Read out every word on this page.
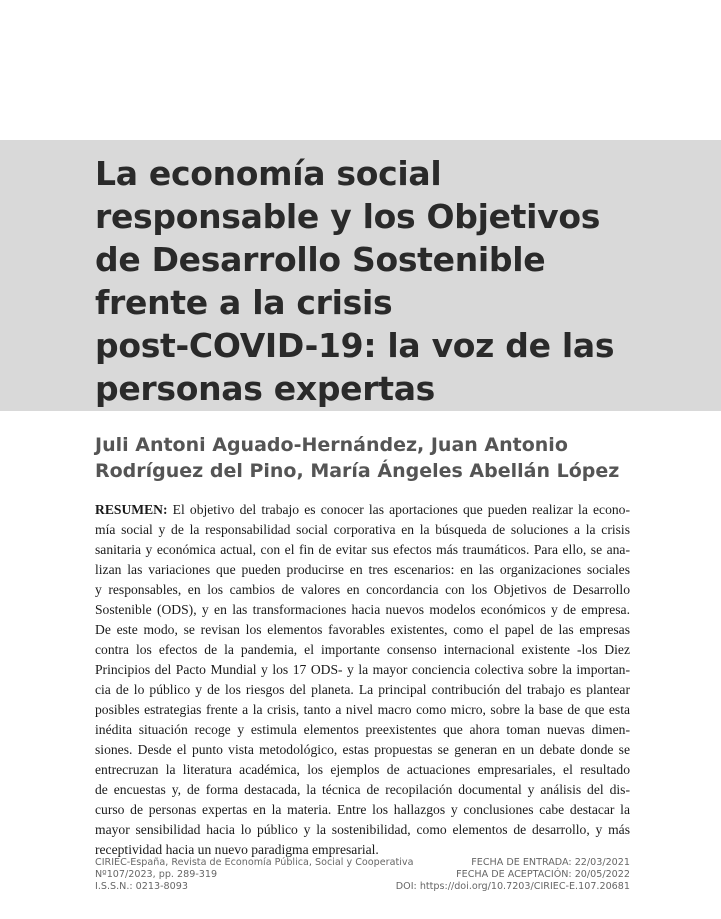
La economía social
responsable y los Objetivos
de Desarrollo Sostenible
frente a la crisis
post-COVID-19: la voz de las
personas expertas
Juli Antoni Aguado-Hernández, Juan Antonio
Rodríguez del Pino, María Ángeles Abellán López
RESUMEN: El objetivo del trabajo es conocer las aportaciones que pueden realizar la econo-
mía social y de la responsabilidad social corporativa en la búsqueda de soluciones a la crisis
sanitaria y económica actual, con el fin de evitar sus efectos más traumáticos. Para ello, se ana-
lizan las variaciones que pueden producirse en tres escenarios: en las organizaciones sociales
y responsables, en los cambios de valores en concordancia con los Objetivos de Desarrollo
Sostenible (ODS), y en las transformaciones hacia nuevos modelos económicos y de empresa.
De este modo, se revisan los elementos favorables existentes, como el papel de las empresas
contra los efectos de la pandemia, el importante consenso internacional existente -los Diez
Principios del Pacto Mundial y los 17 ODS- y la mayor conciencia colectiva sobre la importan-
cia de lo público y de los riesgos del planeta. La principal contribución del trabajo es plantear
posibles estrategias frente a la crisis, tanto a nivel macro como micro, sobre la base de que esta
inédita situación recoge y estimula elementos preexistentes que ahora toman nuevas dimen-
siones. Desde el punto vista metodológico, estas propuestas se generan en un debate donde se
entrecruzan la literatura académica, los ejemplos de actuaciones empresariales, el resultado
de encuestas y, de forma destacada, la técnica de recopilación documental y análisis del dis-
curso de personas expertas en la materia. Entre los hallazgos y conclusiones cabe destacar la
mayor sensibilidad hacia lo público y la sostenibilidad, como elementos de desarrollo, y más
receptividad hacia un nuevo paradigma empresarial.
CIRIEC-España, Revista de Economía Pública, Social y Cooperativa
Nº107/2023, pp. 289-319
I.S.S.N.: 0213-8093
FECHA DE ENTRADA: 22/03/2021
FECHA DE ACEPTACIÓN: 20/05/2022
DOI: https://doi.org/10.7203/CIRIEC-E.107.20681
